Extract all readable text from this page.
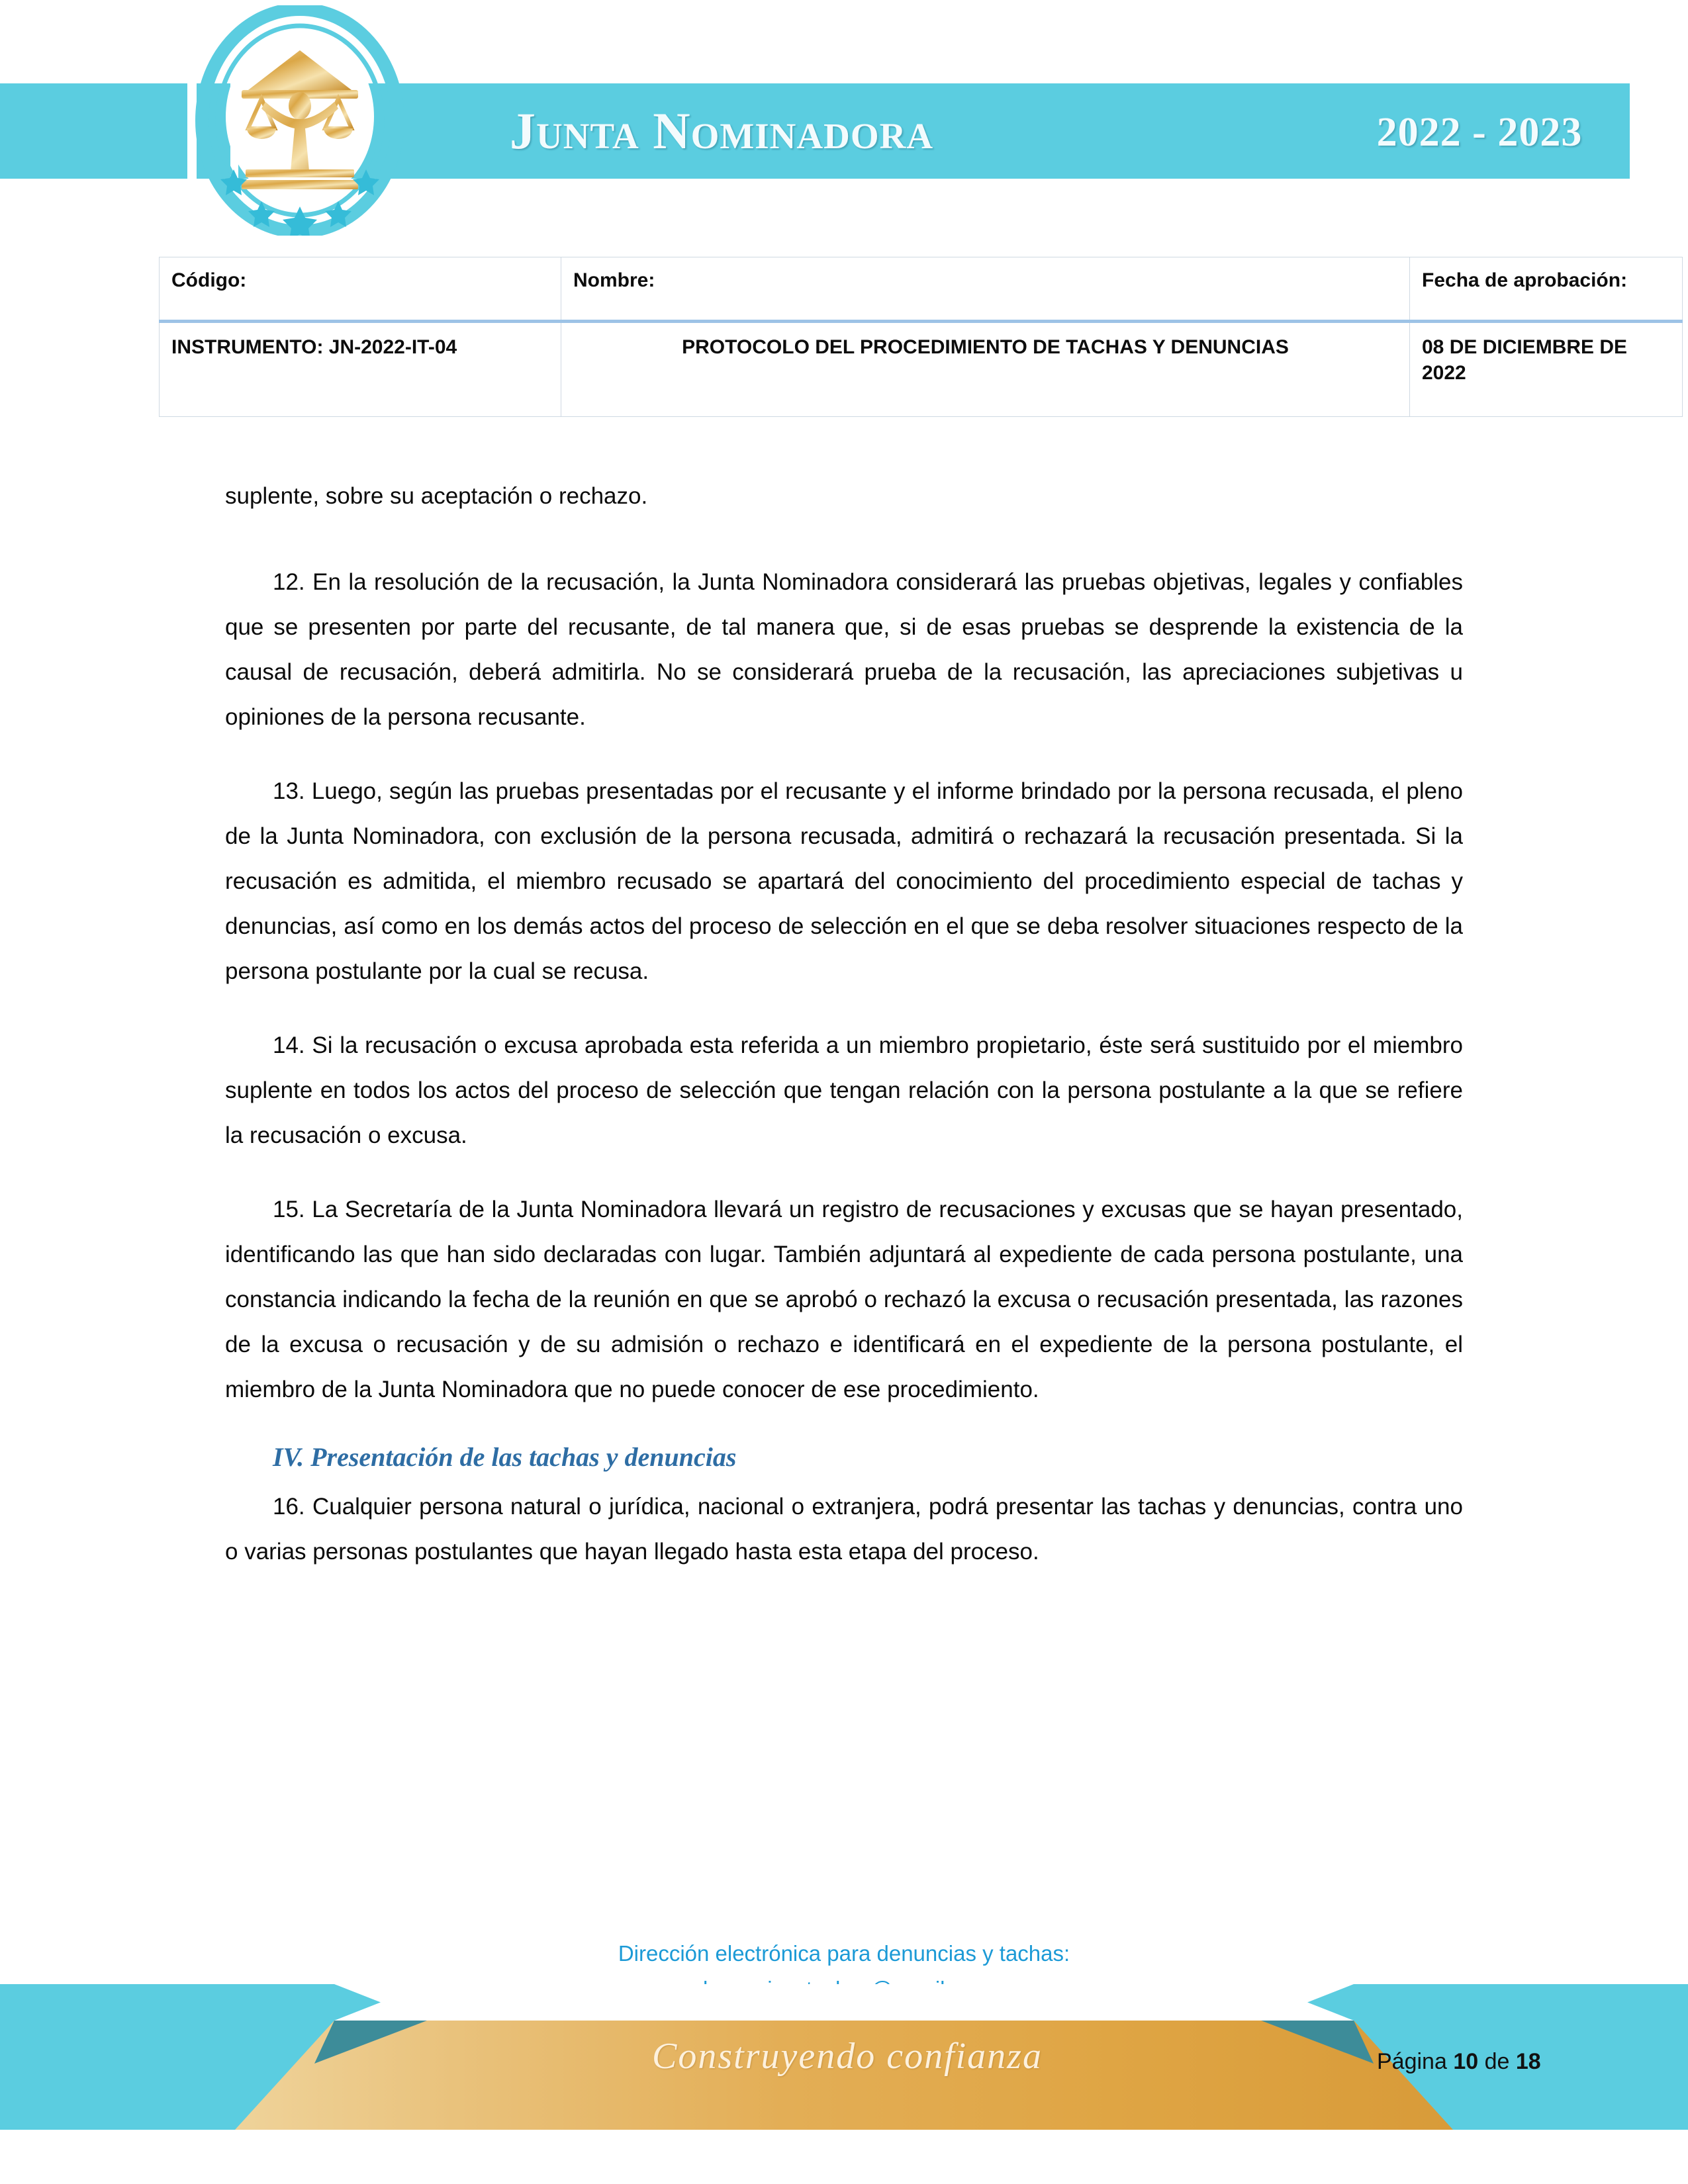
Junta Nominadora	2022 - 2023
Código:	Nombre:	Fecha de aprobación:
INSTRUMENTO: JN-2022-IT-04	PROTOCOLO DEL PROCEDIMIENTO DE TACHAS Y DENUNCIAS	08 DE DICIEMBRE DE 2022

suplente, sobre su aceptación o rechazo.

12. En la resolución de la recusación, la Junta Nominadora considerará las pruebas objetivas, legales y confiables que se presenten por parte del recusante, de tal manera que, si de esas pruebas se desprende la existencia de la causal de recusación, deberá admitirla. No se considerará prueba de la recusación, las apreciaciones subjetivas u opiniones de la persona recusante.

13. Luego, según las pruebas presentadas por el recusante y el informe brindado por la persona recusada, el pleno de la Junta Nominadora, con exclusión de la persona recusada, admitirá o rechazará la recusación presentada. Si la recusación es admitida, el miembro recusado se apartará del conocimiento del procedimiento especial de tachas y denuncias, así como en los demás actos del proceso de selección en el que se deba resolver situaciones respecto de la persona postulante por la cual se recusa.

14. Si la recusación o excusa aprobada esta referida a un miembro propietario, éste será sustituido por el miembro suplente en todos los actos del proceso de selección que tengan relación con la persona postulante a la que se refiere la recusación o excusa.

15. La Secretaría de la Junta Nominadora llevará un registro de recusaciones y excusas que se hayan presentado, identificando las que han sido declaradas con lugar. También adjuntará al expediente de cada persona postulante, una constancia indicando la fecha de la reunión en que se aprobó o rechazó la excusa o recusación presentada, las razones de la excusa o recusación y de su admisión o rechazo e identificará en el expediente de la persona postulante, el miembro de la Junta Nominadora que no puede conocer de ese procedimiento.

IV. Presentación de las tachas y denuncias

16. Cualquier persona natural o jurídica, nacional o extranjera, podrá presentar las tachas y denuncias, contra uno o varias personas postulantes que hayan llegado hasta esta etapa del proceso.

Dirección electrónica para denuncias y tachas:
Construyendo confianza	Página 10 de 18
